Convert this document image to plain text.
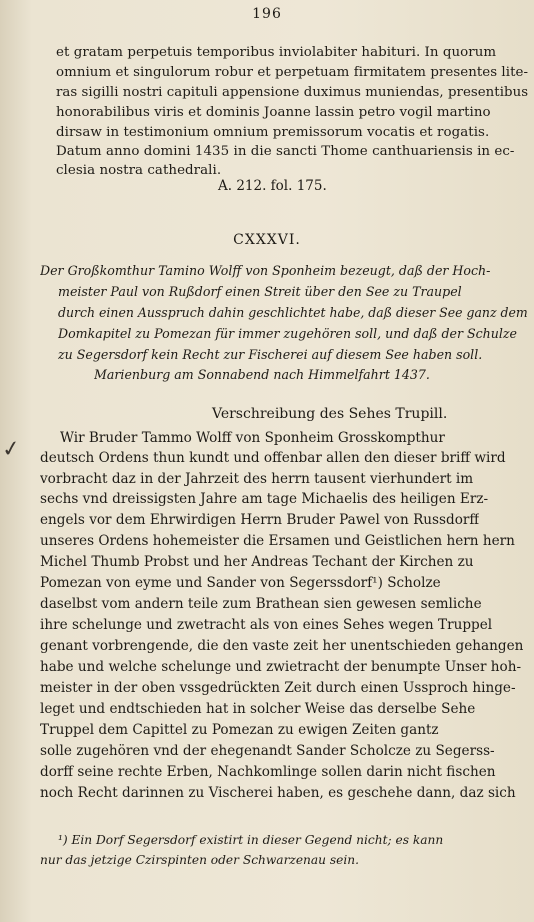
196
et gratam perpetuis temporibus inviolabiter habituri. In quorum
omnium et singulorum robur et perpetuam firmitatem presentes lite-
ras sigilli nostri capituli appensione duximus muniendas, presentibus
honorabilibus viris et dominis Joanne lassin petro vogil martino
dirsaw in testimonium omnium premissorum vocatis et rogatis.
Datum anno domini 1435 in die sancti Thome canthuariensis in ec-
clesia nostra cathedrali.
A. 212. fol. 175.
CXXXVI.
Der Großkomthur Tamino Wolff von Sponheim bezeugt, daß der Hoch-
meister Paul von Rußdorf einen Streit über den See zu Traupel
durch einen Ausspruch dahin geschlichtet habe, daß dieser See ganz dem
Domkapitel zu Pomezan für immer zugehören soll, und daß der Schulze
zu Segersdorf kein Recht zur Fischerei auf diesem See haben soll.
Marienburg am Sonnabend nach Himmelfahrt 1437.
Verschreibung des Sehes Trupill.
✓	Wir Bruder Tammo Wolff von Sponheim Grosskompthur
deutsch Ordens thun kundt und offenbar allen den dieser briff wird
vorbracht daz in der Jahrzeit des herrn tausent vierhundert im
sechs vnd dreissigsten Jahre am tage Michaelis des heiligen Erz-
engels vor dem Ehrwirdigen Herrn Bruder Pawel von Russdorff
unseres Ordens hohemeister die Ersamen und Geistlichen hern hern
Michel Thumb Probst und her Andreas Techant der Kirchen zu
Pomezan von eyme und Sander von Segerssdorf¹) Scholze
daselbst vom andern teile zum Brathean sien gewesen semliche
ihre schelunge und zwetracht als von eines Sehes wegen Truppel
genant vorbrengende, die den vaste zeit her unentschieden gehangen
habe und welche schelunge und zwietracht der benumpte Unser hoh-
meister in der oben vssgedrückten Zeit durch einen Ussproch hinge-
leget und endtschieden hat in solcher Weise das derselbe Sehe
Truppel dem Capittel zu Pomezan zu ewigen Zeiten gantz
solle zugehören vnd der ehegenandt Sander Scholcze zu Segerss-
dorff seine rechte Erben, Nachkomlinge sollen darin nicht fischen
noch Recht darinnen zu Vischerei haben, es geschehe dann, daz sich
¹) Ein Dorf Segersdorf existirt in dieser Gegend nicht; es kann
nur das jetzige Czirspinten oder Schwarzenau sein.
